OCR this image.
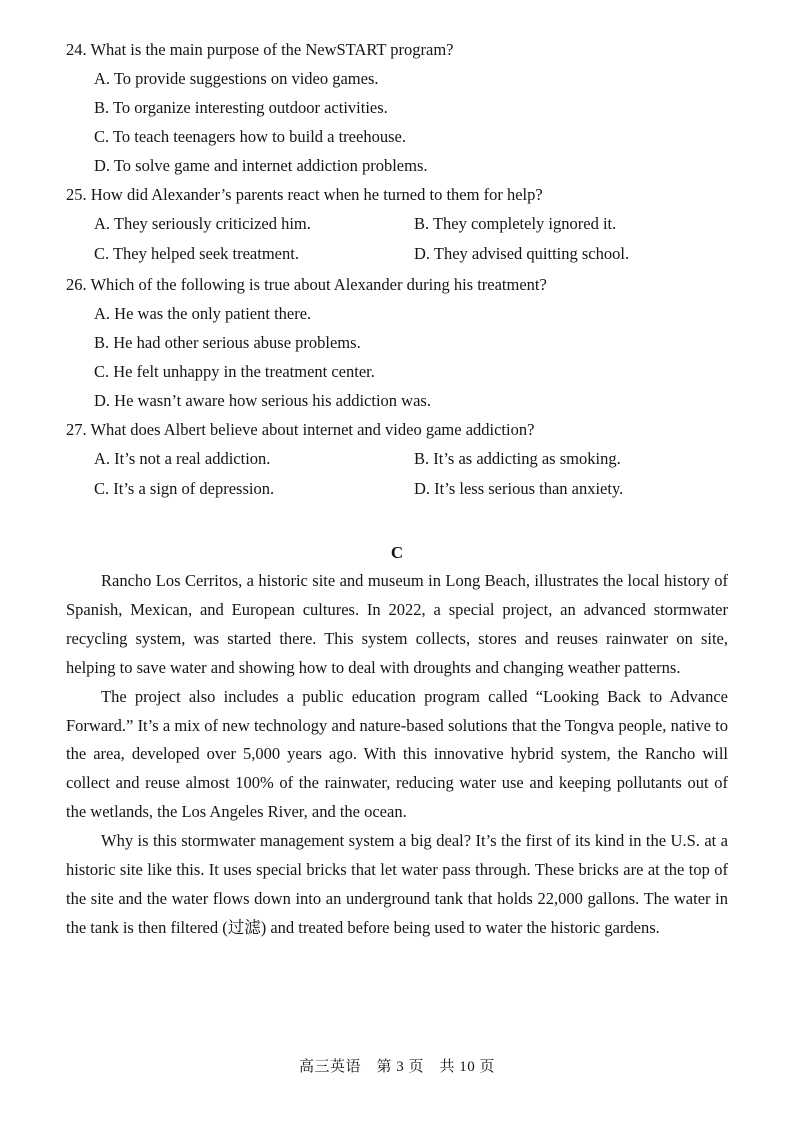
24. What is the main purpose of the NewSTART program?
A. To provide suggestions on video games.
B. To organize interesting outdoor activities.
C. To teach teenagers how to build a treehouse.
D. To solve game and internet addiction problems.
25. How did Alexander’s parents react when he turned to them for help?
A. They seriously criticized him.	B. They completely ignored it.
C. They helped seek treatment.	D. They advised quitting school.
26. Which of the following is true about Alexander during his treatment?
A. He was the only patient there.
B. He had other serious abuse problems.
C. He felt unhappy in the treatment center.
D. He wasn’t aware how serious his addiction was.
27. What does Albert believe about internet and video game addiction?
A. It’s not a real addiction.	B. It’s as addicting as smoking.
C. It’s a sign of depression.	D. It’s less serious than anxiety.
C

Rancho Los Cerritos, a historic site and museum in Long Beach, illustrates the local history of Spanish, Mexican, and European cultures. In 2022, a special project, an advanced stormwater recycling system, was started there. This system collects, stores and reuses rainwater on site, helping to save water and showing how to deal with droughts and changing weather patterns.

The project also includes a public education program called “Looking Back to Advance Forward.” It’s a mix of new technology and nature-based solutions that the Tongva people, native to the area, developed over 5,000 years ago. With this innovative hybrid system, the Rancho will collect and reuse almost 100% of the rainwater, reducing water use and keeping pollutants out of the wetlands, the Los Angeles River, and the ocean.

Why is this stormwater management system a big deal? It’s the first of its kind in the U.S. at a historic site like this. It uses special bricks that let water pass through. These bricks are at the top of the site and the water flows down into an underground tank that holds 22,000 gallons. The water in the tank is then filtered (过滤) and treated before being used to water the historic gardens.

高三英语　第 3 页　共 10 页
